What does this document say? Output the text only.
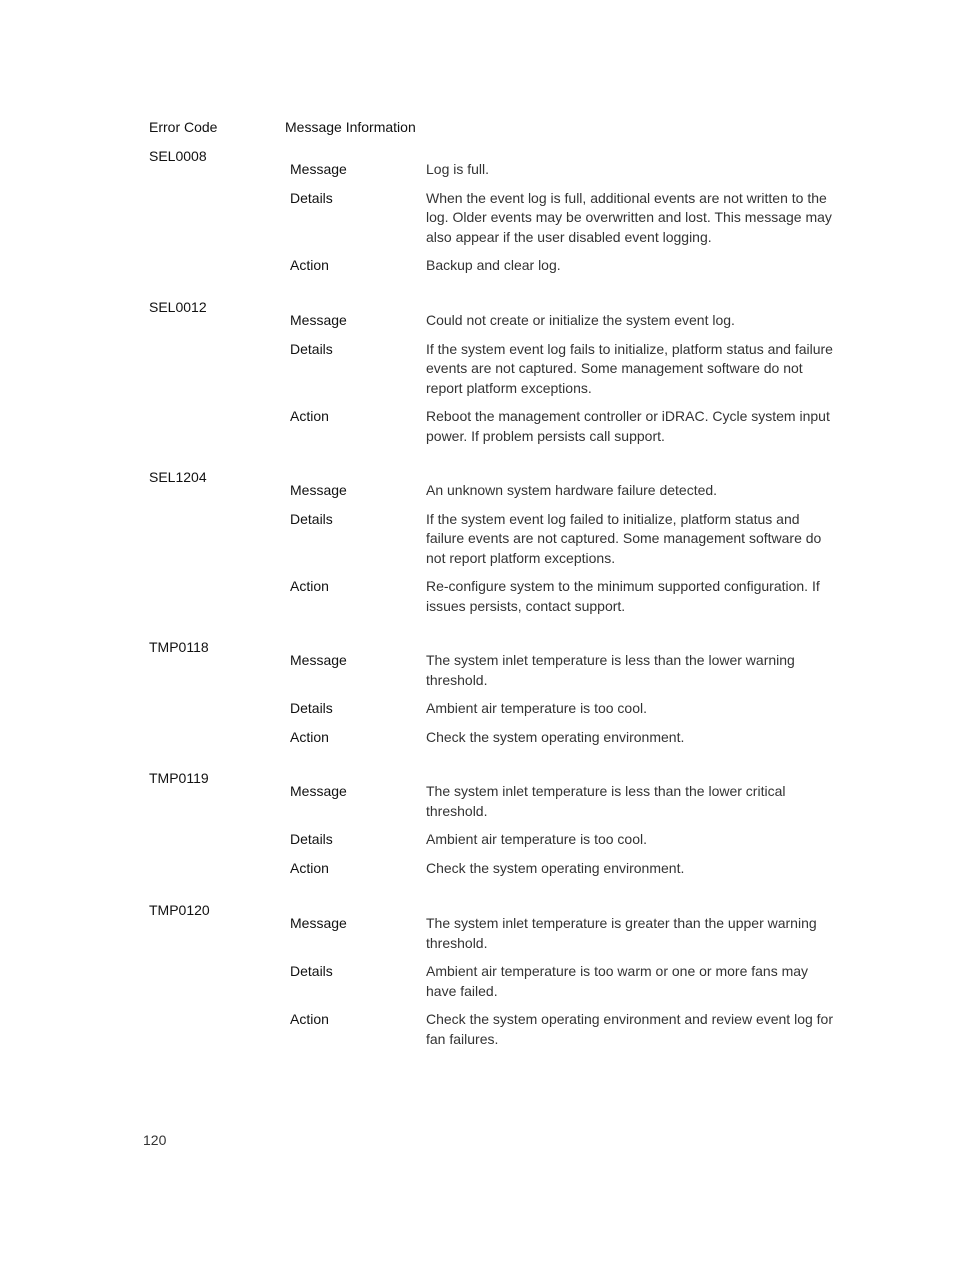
Error Code	Message Information
SEL0008
Message	Log is full.
Details	When the event log is full, additional events are not written to the log. Older events may be overwritten and lost. This message may also appear if the user disabled event logging.
Action	Backup and clear log.
SEL0012
Message	Could not create or initialize the system event log.
Details	If the system event log fails to initialize, platform status and failure events are not captured. Some management software do not report platform exceptions.
Action	Reboot the management controller or iDRAC. Cycle system input power. If problem persists call support.
SEL1204
Message	An unknown system hardware failure detected.
Details	If the system event log failed to initialize, platform status and failure events are not captured. Some management software do not report platform exceptions.
Action	Re-configure system to the minimum supported configuration. If issues persists, contact support.
TMP0118
Message	The system inlet temperature is less than the lower warning threshold.
Details	Ambient air temperature is too cool.
Action	Check the system operating environment.
TMP0119
Message	The system inlet temperature is less than the lower critical threshold.
Details	Ambient air temperature is too cool.
Action	Check the system operating environment.
TMP0120
Message	The system inlet temperature is greater than the upper warning threshold.
Details	Ambient air temperature is too warm or one or more fans may have failed.
Action	Check the system operating environment and review event log for fan failures.
120
